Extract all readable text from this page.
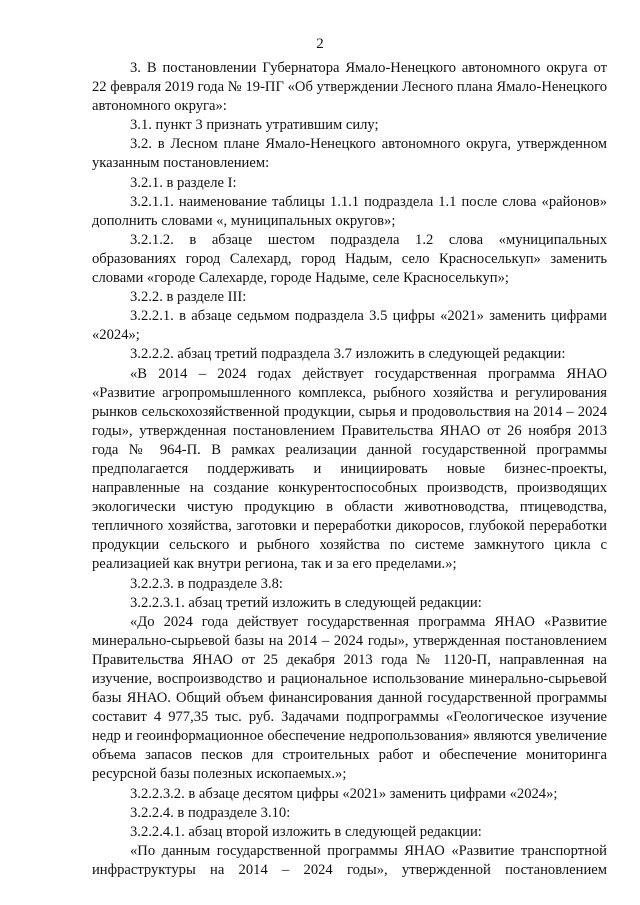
2

3. В постановлении Губернатора Ямало-Ненецкого автономного округа от 22 февраля 2019 года № 19-ПГ «Об утверждении Лесного плана Ямало-Ненецкого автономного округа»:

3.1. пункт 3 признать утратившим силу;

3.2. в Лесном плане Ямало-Ненецкого автономного округа, утвержденном указанным постановлением:

3.2.1. в разделе I:

3.2.1.1. наименование таблицы 1.1.1 подраздела 1.1 после слова «районов» дополнить словами «, муниципальных округов»;

3.2.1.2. в абзаце шестом подраздела 1.2 слова «муниципальных образованиях город Салехард, город Надым, село Красноселькуп» заменить словами «городе Салехарде, городе Надыме, селе Красноселькуп»;

3.2.2. в разделе III:

3.2.2.1. в абзаце седьмом подраздела 3.5 цифры «2021» заменить цифрами «2024»;

3.2.2.2. абзац третий подраздела 3.7 изложить в следующей редакции:

«В 2014 – 2024 годах действует государственная программа ЯНАО «Развитие агропромышленного комплекса, рыбного хозяйства и регулирования рынков сельскохозяйственной продукции, сырья и продовольствия на 2014 – 2024 годы», утвержденная постановлением Правительства ЯНАО от 26 ноября 2013 года № 964-П. В рамках реализации данной государственной программы предполагается поддерживать и инициировать новые бизнес-проекты, направленные на создание конкурентоспособных производств, производящих экологически чистую продукцию в области животноводства, птицеводства, тепличного хозяйства, заготовки и переработки дикоросов, глубокой переработки продукции сельского и рыбного хозяйства по системе замкнутого цикла с реализацией как внутри региона, так и за его пределами.»;

3.2.2.3. в подразделе 3.8:

3.2.2.3.1. абзац третий изложить в следующей редакции:

«До 2024 года действует государственная программа ЯНАО «Развитие минерально-сырьевой базы на 2014 – 2024 годы», утвержденная постановлением Правительства ЯНАО от 25 декабря 2013 года № 1120-П, направленная на изучение, воспроизводство и рациональное использование минерально-сырьевой базы ЯНАО. Общий объем финансирования данной государственной программы составит 4 977,35 тыс. руб. Задачами подпрограммы «Геологическое изучение недр и геоинформационное обеспечение недропользования» являются увеличение объема запасов песков для строительных работ и обеспечение мониторинга ресурсной базы полезных ископаемых.»;

3.2.2.3.2. в абзаце десятом цифры «2021» заменить цифрами «2024»;

3.2.2.4. в подразделе 3.10:

3.2.2.4.1. абзац второй изложить в следующей редакции:

«По данным государственной программы ЯНАО «Развитие транспортной инфраструктуры на 2014 – 2024 годы», утвержденной постановлением
